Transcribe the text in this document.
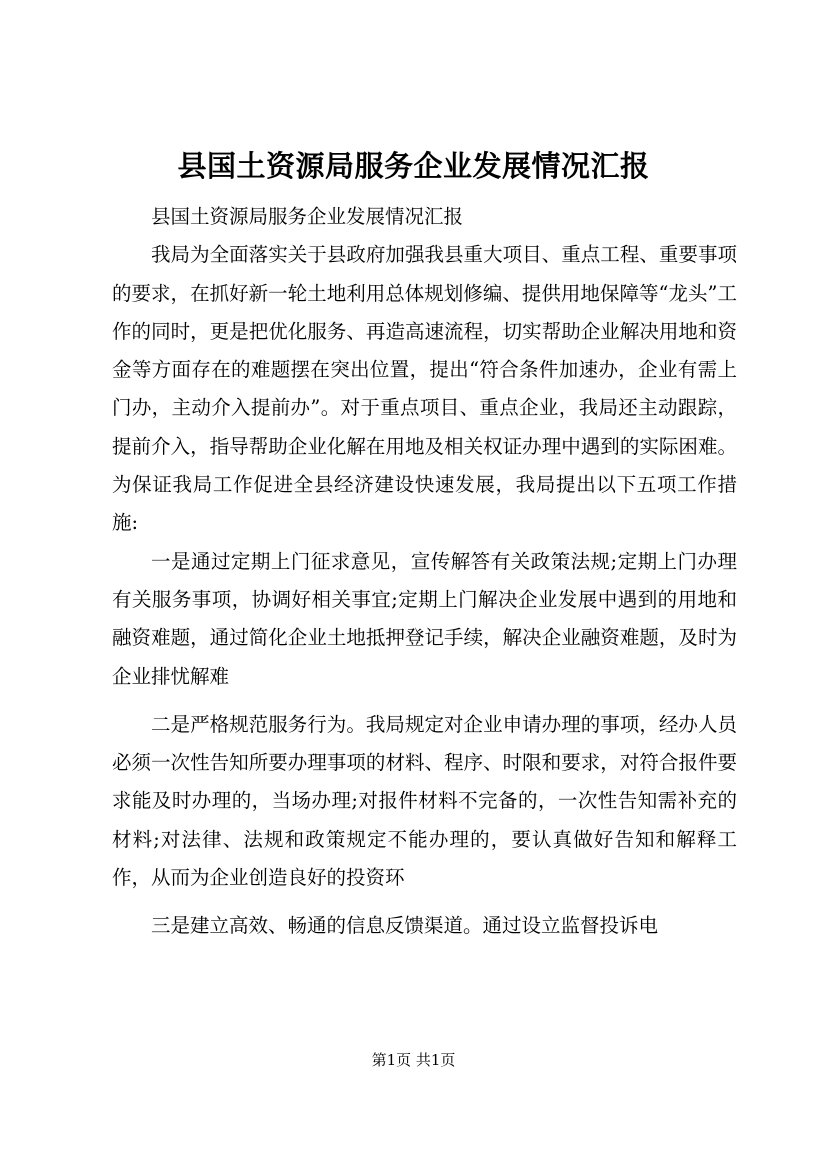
县国土资源局服务企业发展情况汇报

县国土资源局服务企业发展情况汇报

我局为全面落实关于县政府加强我县重大项目、重点工程、重要事项的要求，在抓好新一轮土地利用总体规划修编、提供用地保障等“龙头”工作的同时，更是把优化服务、再造高速流程，切实帮助企业解决用地和资金等方面存在的难题摆在突出位置，提出“符合条件加速办，企业有需上门办，主动介入提前办”。对于重点项目、重点企业，我局还主动跟踪，提前介入，指导帮助企业化解在用地及相关权证办理中遇到的实际困难。为保证我局工作促进全县经济建设快速发展，我局提出以下五项工作措施:

一是通过定期上门征求意见，宣传解答有关政策法规;定期上门办理有关服务事项，协调好相关事宜;定期上门解决企业发展中遇到的用地和融资难题，通过简化企业土地抵押登记手续，解决企业融资难题，及时为企业排忧解难

二是严格规范服务行为。我局规定对企业申请办理的事项，经办人员必须一次性告知所要办理事项的材料、程序、时限和要求，对符合报件要求能及时办理的，当场办理;对报件材料不完备的，一次性告知需补充的材料;对法律、法规和政策规定不能办理的，要认真做好告知和解释工作，从而为企业创造良好的投资环

三是建立高效、畅通的信息反馈渠道。通过设立监督投诉电

第1页 共1页
